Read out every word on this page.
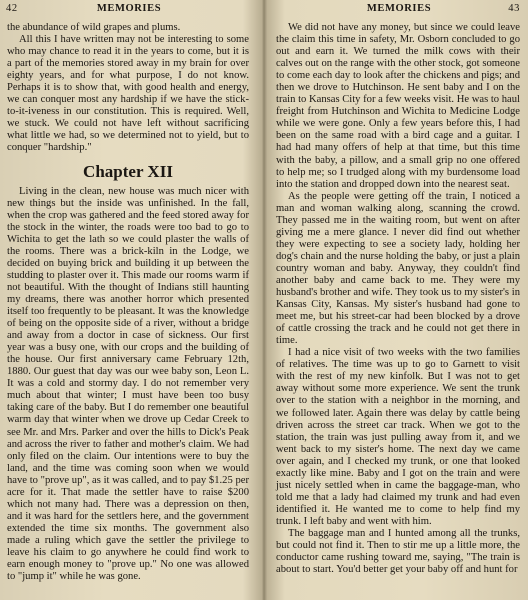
42	MEMORIES

the abundance of wild grapes and plums.

All this I have written may not be interesting to some who may chance to read it in the years to come, but it is a part of the memories stored away in my brain for over eighty years, and for what purpose, I do not know. Perhaps it is to show that, with good health and energy, we can conquer most any hardship if we have the stick-to-it-iveness in our constitution. This is required. Well, we stuck. We could not have left without sacrificing what little we had, so we determined not to yield, but to conquer "hardship."

Chapter XII

Living in the clean, new house was much nicer with new things but the inside was unfinished. In the fall, when the crop was gathered and the feed stored away for the stock in the winter, the roads were too bad to go to Wichita to get the lath so we could plaster the walls of the rooms. There was a brick-kiln in the Lodge, we decided on buying brick and building it up between the studding to plaster over it. This made our rooms warm if not beautiful. With the thought of Indians still haunting my dreams, there was another horror which presented itself too frequently to be pleasant. It was the knowledge of being on the opposite side of a river, without a bridge and away from a doctor in case of sickness. Our first year was a busy one, with our crops and the building of the house. Our first anniversary came February 12th, 1880. Our guest that day was our wee baby son, Leon L. It was a cold and stormy day. I do not remember very much about that winter; I must have been too busy taking care of the baby. But I do remember one beautiful warm day that winter when we drove up Cedar Creek to see Mr. and Mrs. Parker and over the hills to Dick's Peak and across the river to father and mother's claim. We had only filed on the claim. Our intentions were to buy the land, and the time was coming soon when we would have to "prove up", as it was called, and to pay $1.25 per acre for it. That made the settler have to raise $200 which not many had. There was a depression on then, and it was hard for the settlers here, and the government extended the time six months. The government also made a ruling which gave the settler the privilege to leave his claim to go anywhere he could find work to earn enough money to "prove up." No one was allowed to "jump it" while he was gone.

MEMORIES	43

We did not have any money, but since we could leave the claim this time in safety, Mr. Osborn concluded to go out and earn it. We turned the milk cows with their calves out on the range with the other stock, got someone to come each day to look after the chickens and pigs; and then we drove to Hutchinson. He sent baby and I on the train to Kansas City for a few weeks visit. He was to haul freight from Hutchinson and Wichita to Medicine Lodge while we were gone. Only a few years before this, I had been on the same road with a bird cage and a guitar. I had had many offers of help at that time, but this time with the baby, a pillow, and a small grip no one offered to help me; so I trudged along with my burdensome load into the station and dropped down into the nearest seat.

As the people were getting off the train, I noticed a man and woman walking along, scanning the crowd. They passed me in the waiting room, but went on after giving me a mere glance. I never did find out whether they were expecting to see a society lady, holding her dog's chain and the nurse holding the baby, or just a plain country woman and baby. Anyway, they couldn't find another baby and came back to me. They were my husband's brother and wife. They took us to my sister's in Kansas City, Kansas. My sister's husband had gone to meet me, but his street-car had been blocked by a drove of cattle crossing the track and he could not get there in time.

I had a nice visit of two weeks with the two families of relatives. The time was up to go to Garnett to visit with the rest of my new kinfolk. But I was not to get away without some more experience. We sent the trunk over to the station with a neighbor in the morning, and we followed later. Again there was delay by cattle being driven across the street car track. When we got to the station, the train was just pulling away from it, and we went back to my sister's home. The next day we came over again, and I checked my trunk, or one that looked exactly like mine. Baby and I got on the train and were just nicely settled when in came the baggage-man, who told me that a lady had claimed my trunk and had even identified it. He wanted me to come to help find my trunk. I left baby and went with him.

The baggage man and I hunted among all the trunks, but could not find it. Then to stir me up a little more, the conductor came rushing toward me, saying, "The train is about to start. You'd better get your baby off and hunt for
